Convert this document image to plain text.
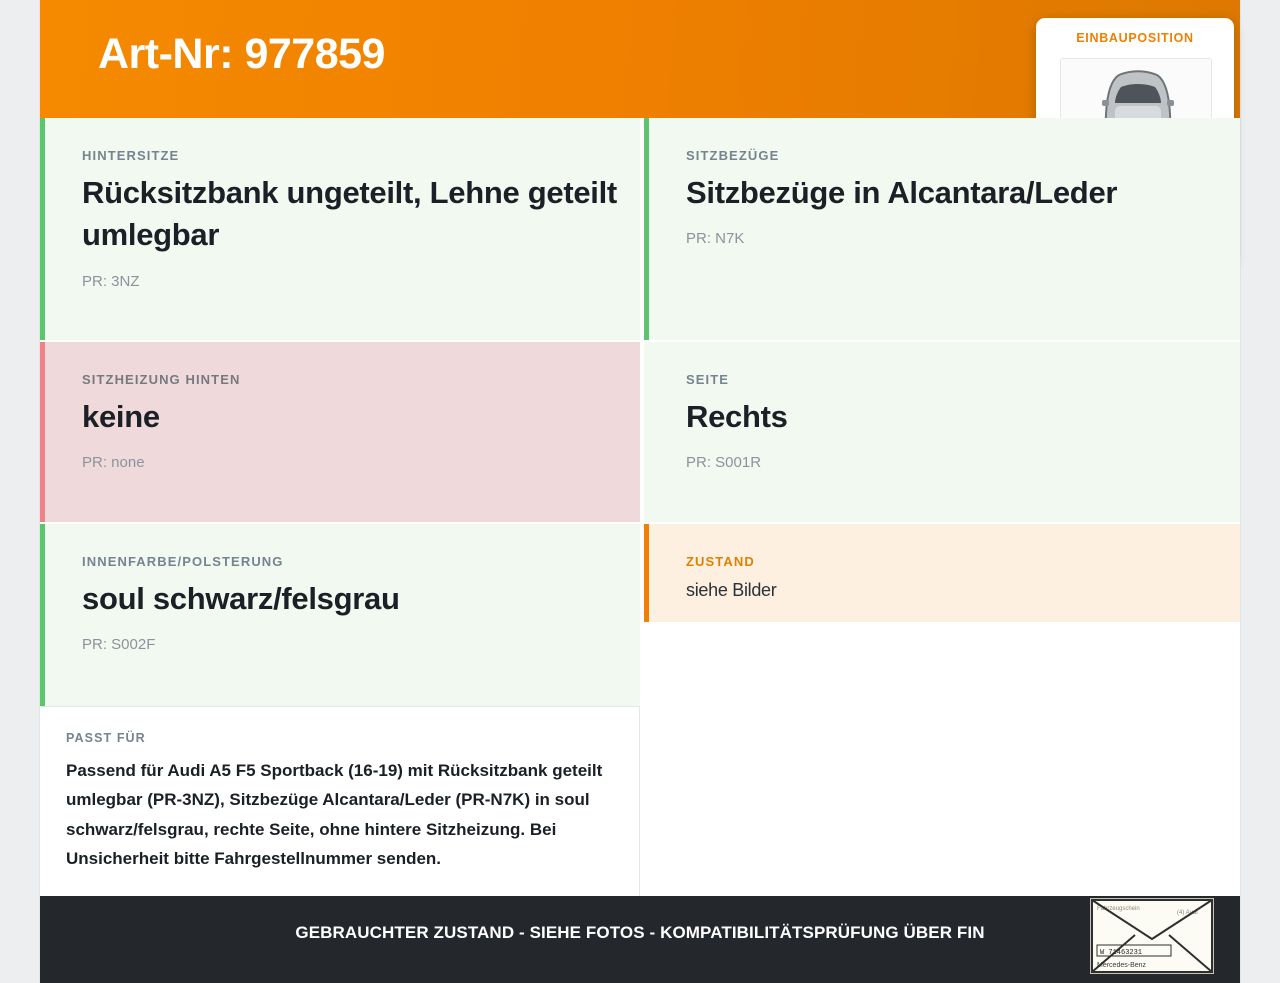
Art-Nr: 977859	EINBAUPOSITION
HINTERSITZE
Rücksitzbank ungeteilt, Lehne geteilt umlegbar
PR: 3NZ
SITZBEZÜGE
Sitzbezüge in Alcantara/Leder
PR: N7K
SITZHEIZUNG HINTEN
keine
PR: none
SEITE
Rechts
PR: S001R
INNENFARBE/POLSTERUNG
soul schwarz/felsgrau
PR: S002F
ZUSTAND
siehe Bilder
PASST FÜR
Passend für Audi A5 F5 Sportback (16-19) mit Rücksitzbank geteilt umlegbar (PR-3NZ), Sitzbezüge Alcantara/Leder (PR-N7K) in soul schwarz/felsgrau, rechte Seite, ohne hintere Sitzheizung. Bei Unsicherheit bitte Fahrgestellnummer senden.
GEBRAUCHTER ZUSTAND - SIEHE FOTOS - KOMPATIBILITÄTSPRÜFUNG ÜBER FIN
Fahrzeugschein
(4) Audi
W 71463231
Mercedes-Benz
